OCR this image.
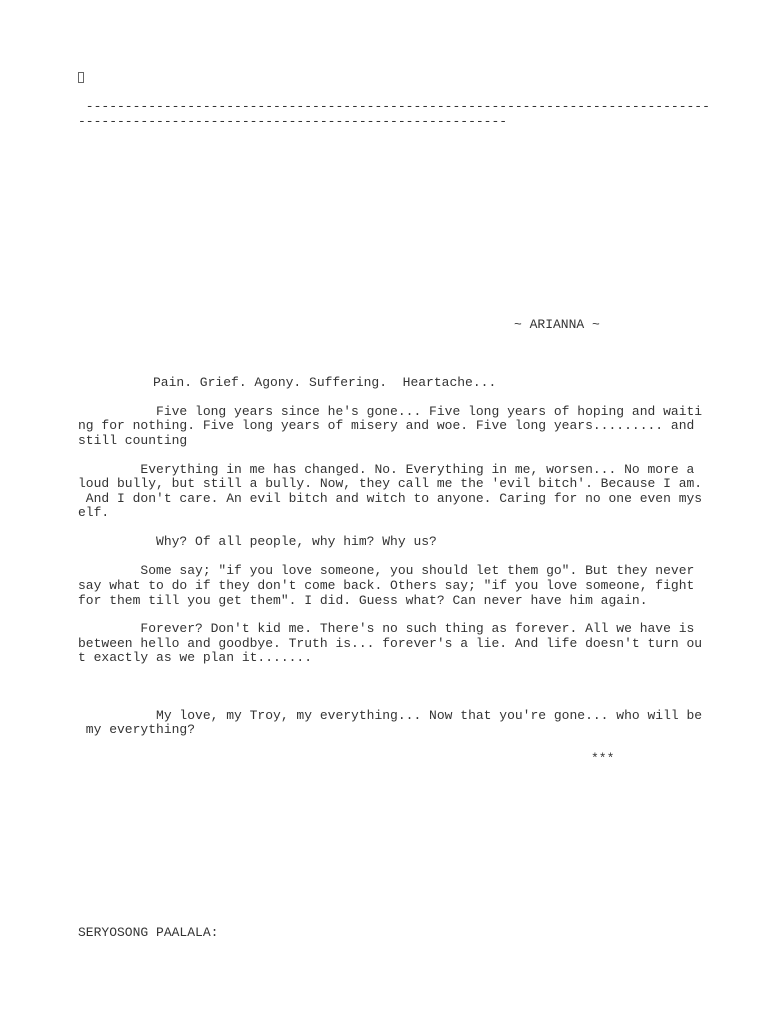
--------------------------------------------------------------------------------

-------------------------------------------------------

~ ARIANNA ~

Pain. Grief. Agony. Suffering.  Heartache...

Five long years since he's gone... Five long years of hoping and waiti

ng for nothing. Five long years of misery and woe. Five long years......... and

still counting

Everything in me has changed. No. Everything in me, worsen... No more a

loud bully, but still a bully. Now, they call me the 'evil bitch'. Because I am.

And I don't care. An evil bitch and witch to anyone. Caring for no one even mys

elf.

Why? Of all people, why him? Why us?

Some say; "if you love someone, you should let them go". But they never

say what to do if they don't come back. Others say; "if you love someone, fight

for them till you get them". I did. Guess what? Can never have him again.

Forever? Don't kid me. There's no such thing as forever. All we have is

between hello and goodbye. Truth is... forever's a lie. And life doesn't turn ou

t exactly as we plan it.......

My love, my Troy, my everything... Now that you're gone... who will be

my everything?

***

SERYOSONG PAALALA:
